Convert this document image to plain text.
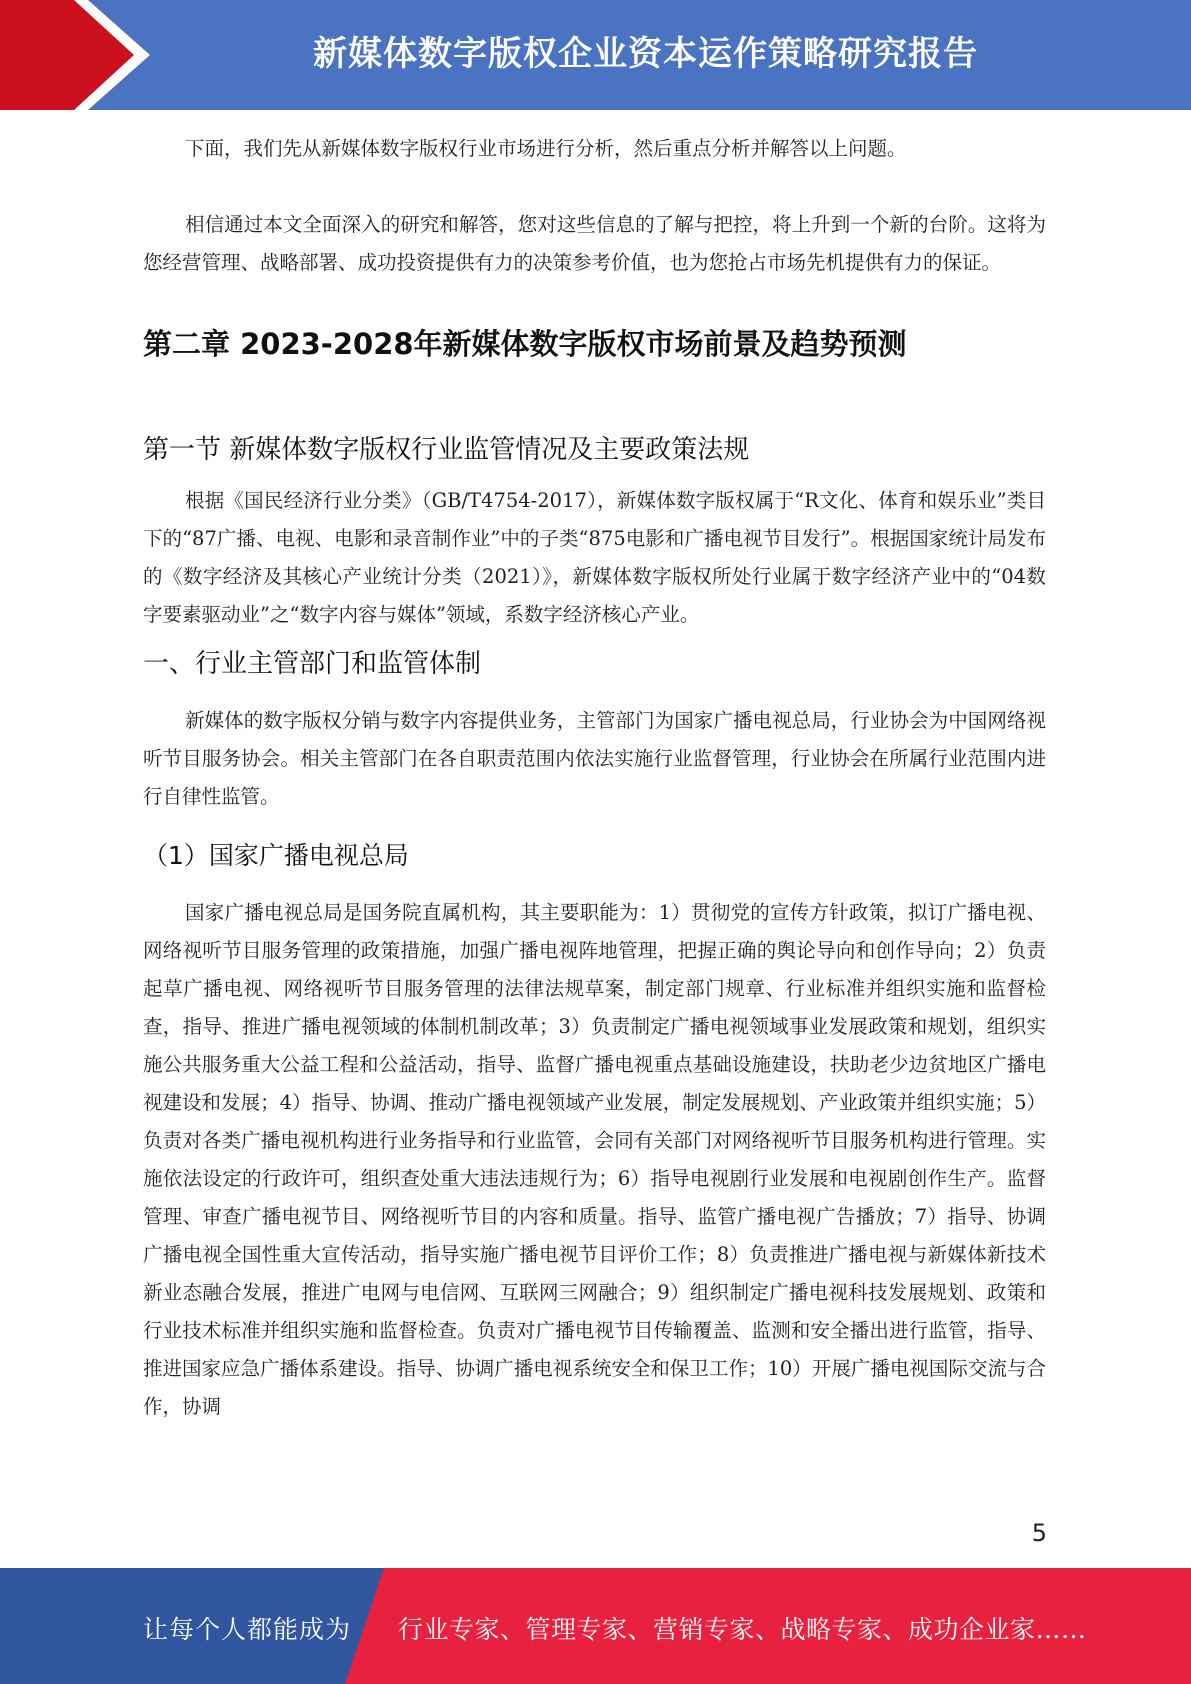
新媒体数字版权企业资本运作策略研究报告

下面，我们先从新媒体数字版权行业市场进行分析，然后重点分析并解答以上问题。

相信通过本文全面深入的研究和解答，您对这些信息的了解与把控，将上升到一个新的台阶。这将为您经营管理、战略部署、成功投资提供有力的决策参考价值，也为您抢占市场先机提供有力的保证。

第二章 2023-2028年新媒体数字版权市场前景及趋势预测
第一节 新媒体数字版权行业监管情况及主要政策法规

根据《国民经济行业分类》（GB/T4754-2017），新媒体数字版权属于“R文化、体育和娱乐业”类目下的“87广播、电视、电影和录音制作业”中的子类“875电影和广播电视节目发行”。根据国家统计局发布的《数字经济及其核心产业统计分类（2021）》，新媒体数字版权所处行业属于数字经济产业中的“04数字要素驱动业”之“数字内容与媒体”领域，系数字经济核心产业。

一、行业主管部门和监管体制

新媒体的数字版权分销与数字内容提供业务，主管部门为国家广播电视总局，行业协会为中国网络视听节目服务协会。相关主管部门在各自职责范围内依法实施行业监督管理，行业协会在所属行业范围内进行自律性监管。

（1）国家广播电视总局

国家广播电视总局是国务院直属机构，其主要职能为：1）贯彻党的宣传方针政策，拟订广播电视、网络视听节目服务管理的政策措施，加强广播电视阵地管理，把握正确的舆论导向和创作导向；2）负责起草广播电视、网络视听节目服务管理的法律法规草案，制定部门规章、行业标准并组织实施和监督检查，指导、推进广播电视领域的体制机制改革；3）负责制定广播电视领域事业发展政策和规划，组织实施公共服务重大公益工程和公益活动，指导、监督广播电视重点基础设施建设，扶助老少边贫地区广播电视建设和发展；4）指导、协调、推动广播电视领域产业发展，制定发展规划、产业政策并组织实施；5）负责对各类广播电视机构进行业务指导和行业监管，会同有关部门对网络视听节目服务机构进行管理。实施依法设定的行政许可，组织查处重大违法违规行为；6）指导电视剧行业发展和电视剧创作生产。监督管理、审查广播电视节目、网络视听节目的内容和质量。指导、监管广播电视广告播放；7）指导、协调广播电视全国性重大宣传活动，指导实施广播电视节目评价工作；8）负责推进广播电视与新媒体新技术新业态融合发展，推进广电网与电信网、互联网三网融合；9）组织制定广播电视科技发展规划、政策和行业技术标准并组织实施和监督检查。负责对广播电视节目传输覆盖、监测和安全播出进行监管，指导、推进国家应急广播体系建设。指导、协调广播电视系统安全和保卫工作；10）开展广播电视国际交流与合作，协调

5
让每个人都能成为 行业专家、管理专家、营销专家、战略专家、成功企业家……
